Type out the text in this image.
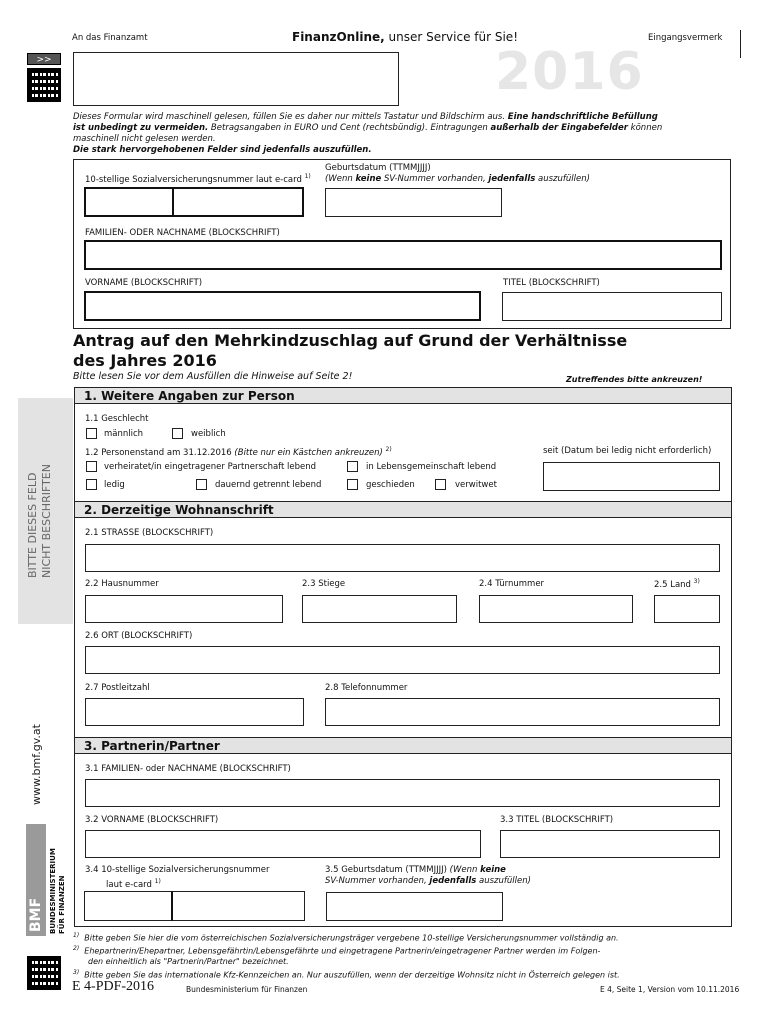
An das Finanzamt	FinanzOnline, unser Service für Sie!	Eingangsvermerk
2016
>>
Dieses Formular wird maschinell gelesen, füllen Sie es daher nur mittels Tastatur und Bildschirm aus. Eine handschriftliche Befüllung
ist unbedingt zu vermeiden. Betragsangaben in EURO und Cent (rechtsbündig). Eintragungen außerhalb der Eingabefelder können
maschinell nicht gelesen werden.
Die stark hervorgehobenen Felder sind jedenfalls auszufüllen.
10-stellige Sozialversicherungsnummer laut e-card $^{1)}$
Geburtsdatum (TTMMJJJJ)
(Wenn keine SV-Nummer vorhanden, jedenfalls auszufüllen)
FAMILIEN- ODER NACHNAME (BLOCKSCHRIFT)
VORNAME (BLOCKSCHRIFT)	TITEL (BLOCKSCHRIFT)
Antrag auf den Mehrkindzuschlag auf Grund der Verhältnisse
des Jahres 2016
Bitte lesen Sie vor dem Ausfüllen die Hinweise auf Seite 2!	Zutreffendes bitte ankreuzen!
BITTE DIESES FELD NICHT BESCHRIFTEN
www.bmf.gv.at
BMF BUNDESMINISTERIUM FÜR FINANZEN
1. Weitere Angaben zur Person
1.1 Geschlecht
männlich	weiblich
1.2 Personenstand am 31.12.2016 (Bitte nur ein Kästchen ankreuzen) $^{2)}$	seit (Datum bei ledig nicht erforderlich)
verheiratet/in eingetragener Partnerschaft lebend	in Lebensgemeinschaft lebend
ledig	dauernd getrennt lebend	geschieden	verwitwet
2. Derzeitige Wohnanschrift
2.1 STRASSE (BLOCKSCHRIFT)
2.2 Hausnummer	2.3 Stiege	2.4 Türnummer	2.5 Land $^{3)}$
2.6 ORT (BLOCKSCHRIFT)
2.7 Postleitzahl	2.8 Telefonnummer
3. Partnerin/Partner
3.1 FAMILIEN- oder NACHNAME (BLOCKSCHRIFT)
3.2 VORNAME (BLOCKSCHRIFT)	3.3 TITEL (BLOCKSCHRIFT)
3.4 10-stellige Sozialversicherungsnummer
laut e-card $^{1)}$
3.5 Geburtsdatum (TTMMJJJJ) (Wenn keine
SV-Nummer vorhanden, jedenfalls auszufüllen)
$^{1)}$ Bitte geben Sie hier die vom österreichischen Sozialversicherungsträger vergebene 10-stellige Versicherungsnummer vollständig an.
$^{2)}$ Ehepartnerin/Ehepartner, Lebensgefährtin/Lebensgefährte und eingetragene Partnerin/eingetragener Partner werden im Folgen-
den einheitlich als "Partnerin/Partner" bezeichnet.
$^{3)}$ Bitte geben Sie das internationale Kfz-Kennzeichen an. Nur auszufüllen, wenn der derzeitige Wohnsitz nicht in Österreich gelegen ist.
E 4-PDF-2016	Bundesministerium für Finanzen	E 4, Seite 1, Version vom 10.11.2016
